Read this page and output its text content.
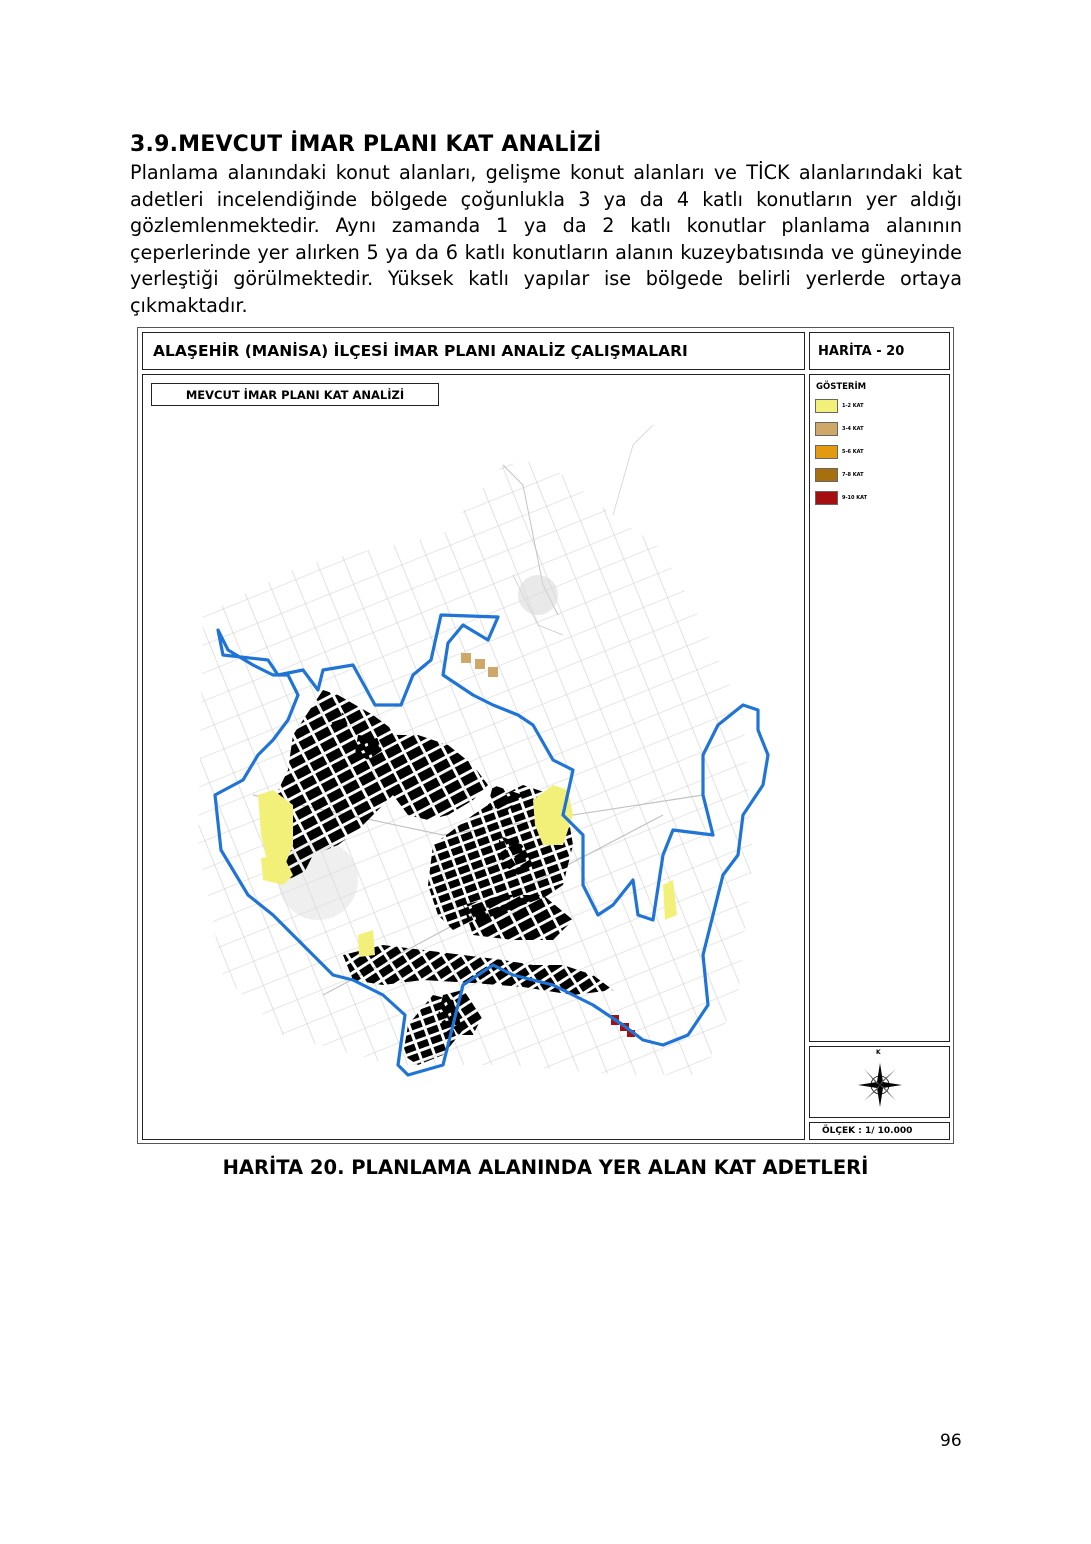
3.9.MEVCUT İMAR PLANI KAT ANALİZİ

Planlama alanındaki konut alanları, gelişme konut alanları ve TİCK alanlarındaki kat adetleri incelendiğinde bölgede çoğunlukla 3 ya da 4 katlı konutların yer aldığı gözlemlenmektedir. Aynı zamanda 1 ya da 2 katlı konutlar planlama alanının çeperlerinde yer alırken 5 ya da 6 katlı konutların alanın kuzeybatısında ve güneyinde yerleştiği görülmektedir. Yüksek katlı yapılar ise bölgede belirli yerlerde ortaya çıkmaktadır.

ALAŞEHİR (MANİSA) İLÇESİ İMAR PLANI ANALİZ ÇALIŞMALARI	HARİTA - 20
MEVCUT İMAR PLANI KAT ANALİZİ
GÖSTERİM
1-2 KAT
3-4 KAT
5-6 KAT
7-8 KAT
9-10 KAT
K
ÖLÇEK : 1/ 10.000

HARİTA 20. PLANLAMA ALANINDA YER ALAN KAT ADETLERİ

96
